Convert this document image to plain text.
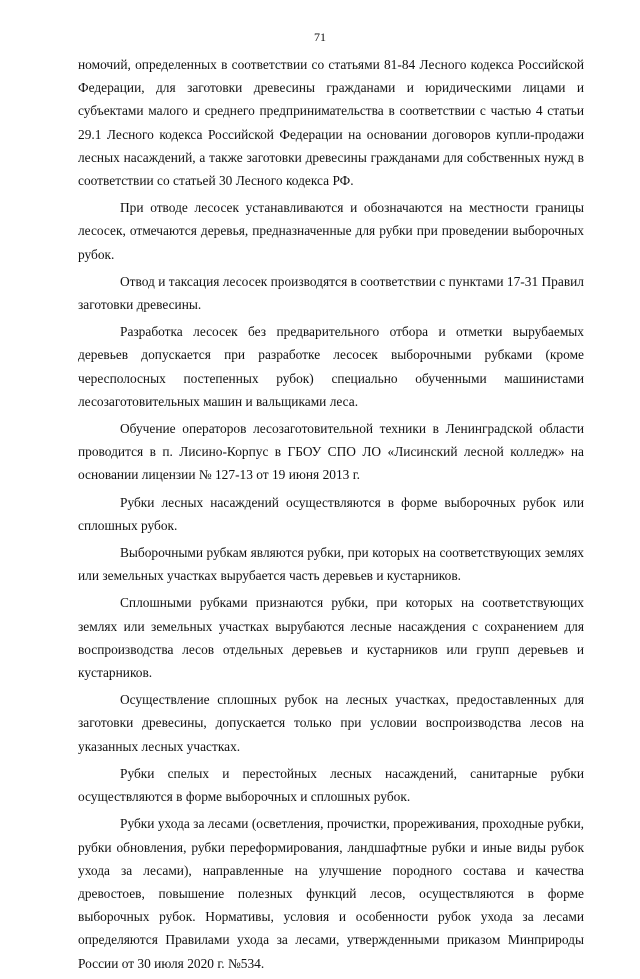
71

номочий, определенных в соответствии со статьями 81-84 Лесного кодекса Российской Федерации, для заготовки древесины гражданами и юридическими лицами и субъектами малого и среднего предпринимательства в соответствии с частью 4 статьи 29.1 Лесного кодекса Российской Федерации на основании договоров купли-продажи лесных насаждений, а также заготовки древесины гражданами для собственных нужд в соответствии со статьей 30 Лесного кодекса РФ.

При отводе лесосек устанавливаются и обозначаются на местности границы лесосек, отмечаются деревья, предназначенные для рубки при проведении выборочных рубок.

Отвод и таксация лесосек производятся в соответствии с пунктами 17-31 Правил заготовки древесины.

Разработка лесосек без предварительного отбора и отметки вырубаемых деревьев допускается при разработке лесосек выборочными рубками (кроме чересполосных постепенных рубок) специально обученными машинистами лесозаготовительных машин и вальщиками леса.

Обучение операторов лесозаготовительной техники в Ленинградской области проводится в п. Лисино-Корпус в ГБОУ СПО ЛО «Лисинский лесной колледж» на основании лицензии № 127-13 от 19 июня 2013 г.

Рубки лесных насаждений осуществляются в форме выборочных рубок или сплошных рубок.

Выборочными рубкам являются рубки, при которых на соответствующих землях или земельных участках вырубается часть деревьев и кустарников.

Сплошными рубками признаются рубки, при которых на соответствующих землях или земельных участках вырубаются лесные насаждения с сохранением для воспроизводства лесов отдельных деревьев и кустарников или групп деревьев и кустарников.

Осуществление сплошных рубок на лесных участках, предоставленных для заготовки древесины, допускается только при условии воспроизводства лесов на указанных лесных участках.

Рубки спелых и перестойных лесных насаждений, санитарные рубки осуществляются в форме выборочных и сплошных рубок.

Рубки ухода за лесами (осветления, прочистки, прореживания, проходные рубки, рубки обновления, рубки переформирования, ландшафтные рубки и иные виды рубок ухода за лесами), направленные на улучшение породного состава и качества древостоев, повышение полезных функций лесов, осуществляются в форме выборочных рубок. Нормативы, условия и особенности рубок ухода за лесами определяются Правилами ухода за лесами, утвержденными приказом Минприроды России от 30 июля 2020 г. №534.
